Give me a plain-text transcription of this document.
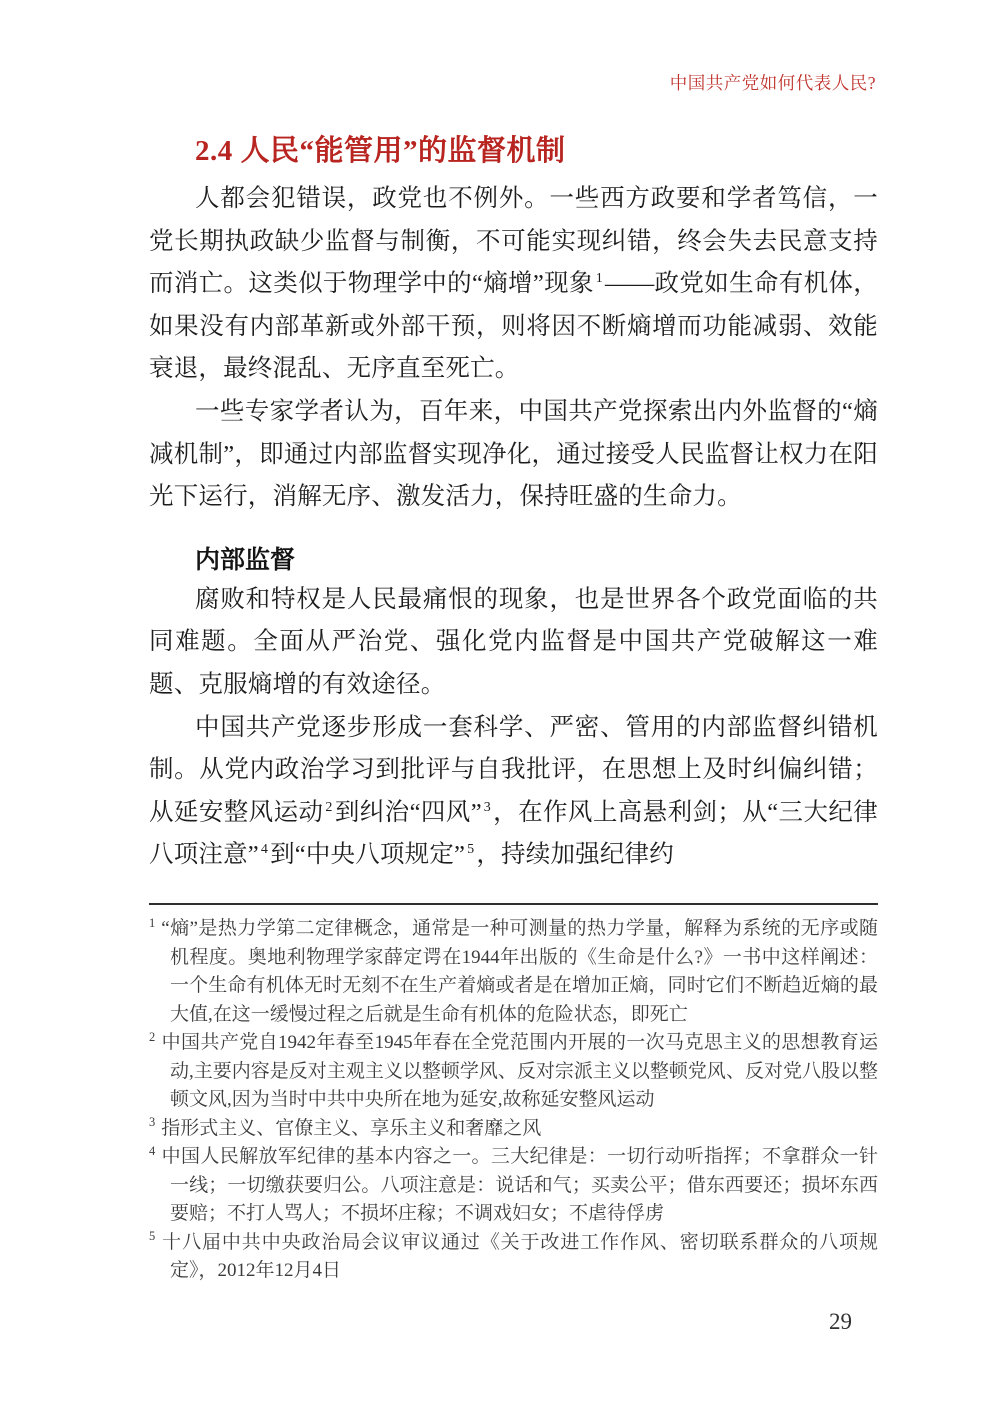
中国共产党如何代表人民?
2.4 人民“能管用”的监督机制

人都会犯错误，政党也不例外。一些西方政要和学者笃信，一党长期执政缺少监督与制衡，不可能实现纠错，终会失去民意支持而消亡。这类似于物理学中的“熵增”现象 $^1$——政党如生命有机体，如果没有内部革新或外部干预，则将因不断熵增而功能减弱、效能衰退，最终混乱、无序直至死亡。

一些专家学者认为，百年来，中国共产党探索出内外监督的“熵减机制”，即通过内部监督实现净化，通过接受人民监督让权力在阳光下运行，消解无序、激发活力，保持旺盛的生命力。

内部监督

腐败和特权是人民最痛恨的现象，也是世界各个政党面临的共同难题。全面从严治党、强化党内监督是中国共产党破解这一难题、克服熵增的有效途径。

中国共产党逐步形成一套科学、严密、管用的内部监督纠错机制。从党内政治学习到批评与自我批评，在思想上及时纠偏纠错；从延安整风运动 $^2$到纠治“四风” $^3$，在作风上高悬利剑；从“三大纪律八项注意” $^4$到“中央八项规定” $^5$，持续加强纪律约

$^1$ “熵”是热力学第二定律概念，通常是一种可测量的热力学量，解释为系统的无序或随机程度。奥地利物理学家薛定谔在1944年出版的《生命是什么?》一书中这样阐述：一个生命有机体无时无刻不在生产着熵或者是在增加正熵，同时它们不断趋近熵的最大值,在这一缓慢过程之后就是生命有机体的危险状态，即死亡

$^2$ 中国共产党自1942年春至1945年春在全党范围内开展的一次马克思主义的思想教育运动,主要内容是反对主观主义以整顿学风、反对宗派主义以整顿党风、反对党八股以整顿文风,因为当时中共中央所在地为延安,故称延安整风运动

$^3$ 指形式主义、官僚主义、享乐主义和奢靡之风

$^4$ 中国人民解放军纪律的基本内容之一。三大纪律是：一切行动听指挥；不拿群众一针一线；一切缴获要归公。八项注意是：说话和气；买卖公平；借东西要还；损坏东西要赔；不打人骂人；不损坏庄稼；不调戏妇女；不虐待俘虏

$^5$ 十八届中共中央政治局会议审议通过《关于改进工作作风、密切联系群众的八项规定》，2012年12月4日

29
